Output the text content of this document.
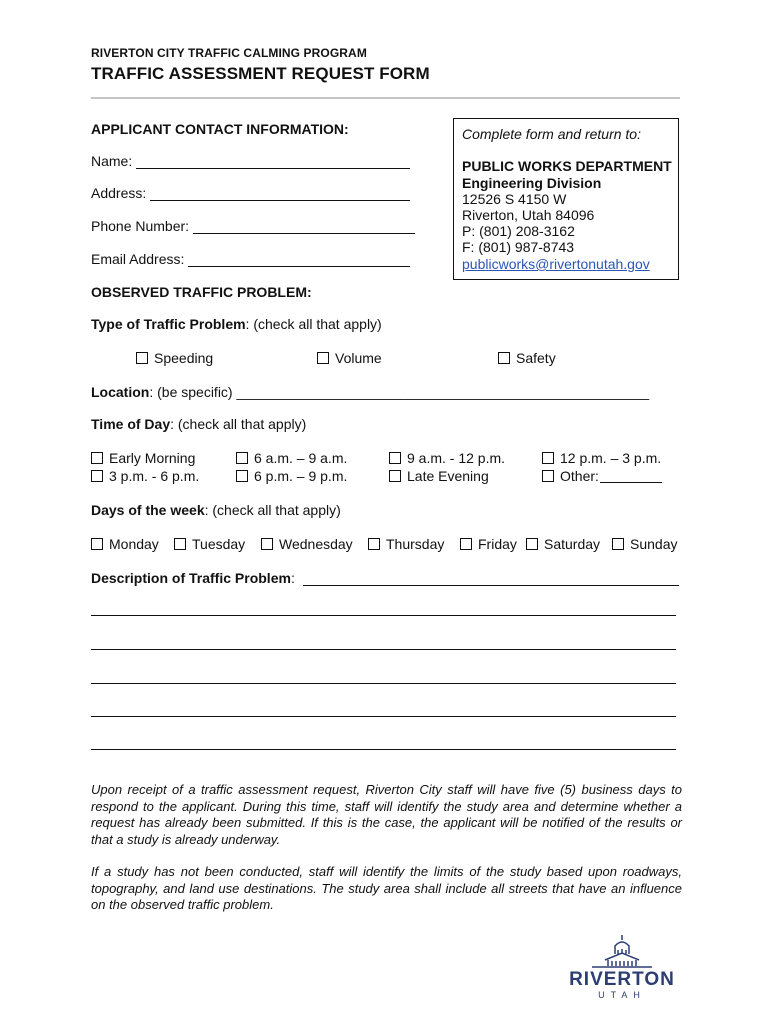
RIVERTON CITY TRAFFIC CALMING PROGRAM
TRAFFIC ASSESSMENT REQUEST FORM
APPLICANT CONTACT INFORMATION:
Name:
Address:
Phone Number:
Email Address:
Complete form and return to:
PUBLIC WORKS DEPARTMENT
Engineering Division
12526 S 4150 W
Riverton, Utah 84096
P: (801) 208-3162
F: (801) 987-8743
publicworks@rivertonutah.gov
OBSERVED TRAFFIC PROBLEM:
Type of Traffic Problem: (check all that apply)
Speeding	Volume	Safety
Location: (be specific) _____________________________________________________
Time of Day: (check all that apply)
Early Morning	6 a.m. – 9 a.m.	9 a.m. - 12 p.m.	12 p.m. – 3 p.m.
3 p.m. - 6 p.m.	6 p.m. – 9 p.m.	Late Evening	Other:
Days of the week: (check all that apply)
Monday	Tuesday	Wednesday	Thursday	Friday	Saturday	Sunday
Description of Traffic Problem :
Upon receipt of a traffic assessment request, Riverton City staff will have five (5) business days to respond to the applicant. During this time, staff will identify the study area and determine whether a request has already been submitted. If this is the case, the applicant will be notified of the results or that a study is already underway.
If a study has not been conducted, staff will identify the limits of the study based upon roadways, topography, and land use destinations. The study area shall include all streets that have an influence on the observed traffic problem.
RIVERTON
UTAH
